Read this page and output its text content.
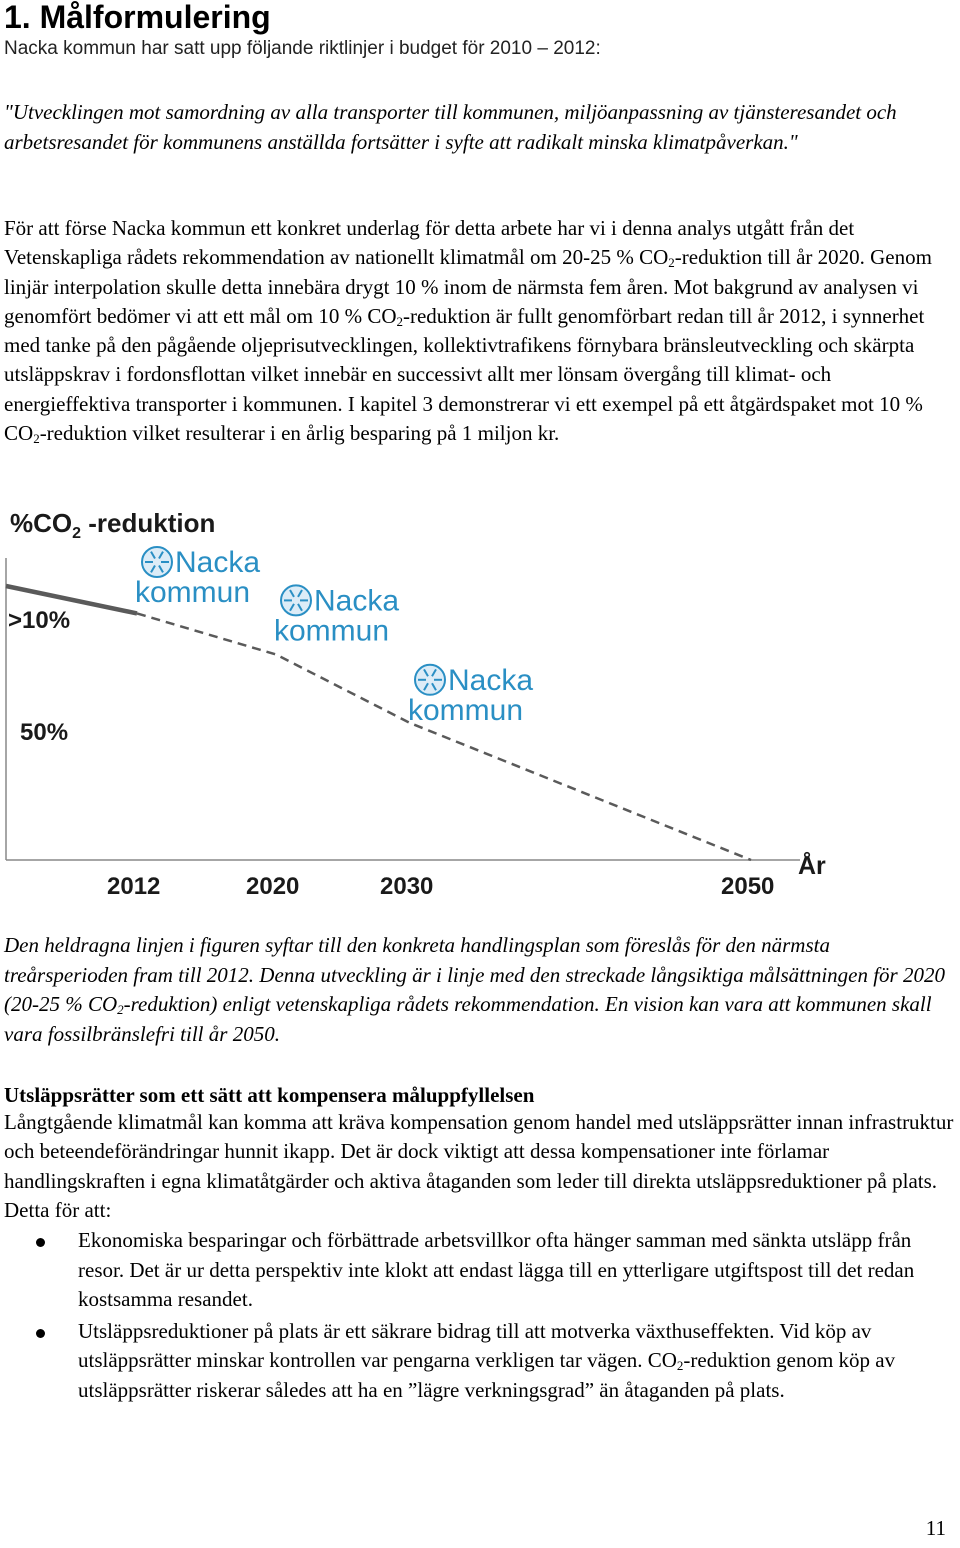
1. Målformulering
Nacka kommun har satt upp följande riktlinjer i budget för 2010 – 2012:
"Utvecklingen mot samordning av alla transporter till kommunen, miljöanpassning av tjänsteresandet och arbetsresandet för kommunens anställda fortsätter i syfte att radikalt minska klimatpåverkan."
För att förse Nacka kommun ett konkret underlag för detta arbete har vi i denna analys utgått från det Vetenskapliga rådets rekommendation av nationellt klimatmål om 20-25 % $CO_2$-reduktion till år 2020. Genom linjär interpolation skulle detta innebära drygt 10 % inom de närmsta fem åren. Mot bakgrund av analysen vi genomfört bedömer vi att ett mål om 10 % $CO_2$-reduktion är fullt genomförbart redan till år 2012, i synnerhet med tanke på den pågående oljeprisutvecklingen, kollektivtrafikens förnybara bränsleutveckling och skärpta utsläppskrav i fordonsflottan vilket innebär en successivt allt mer lönsam övergång till klimat- och energieffektiva transporter i kommunen. I kapitel 3 demonstrerar vi ett exempel på ett åtgärdspaket mot 10 % $CO_2$-reduktion vilket resulterar i en årlig besparing på 1 miljon kr.
$\%CO_2$ -reduktion
>10%
50%
Nacka
kommun Nacka
kommun
Nacka
kommun
2012	2020	2030	2050
År
Den heldragna linjen i figuren syftar till den konkreta handlingsplan som föreslås för den närmsta treårsperioden fram till 2012. Denna utveckling är i linje med den streckade långsiktiga målsättningen för 2020 (20-25 % $CO_2-reduktion$) enligt vetenskapliga rådets rekommendation. En vision kan vara att kommunen skall vara fossilbränslefri till år 2050.
Utsläppsrätter som ett sätt att kompensera måluppfyllelsen
Långtgående klimatmål kan komma att kräva kompensation genom handel med utsläppsrätter innan infrastruktur och beteendeförändringar hunnit ikapp. Det är dock viktigt att dessa kompensationer inte förlamar handlingskraften i egna klimatåtgärder och aktiva åtaganden som leder till direkta utsläppsreduktioner på plats. Detta för att:
Ekonomiska besparingar och förbättrade arbetsvillkor ofta hänger samman med sänkta utsläpp från resor. Det är ur detta perspektiv inte klokt att endast lägga till en ytterligare utgiftspost till det redan kostsamma resandet.
Utsläppsreduktioner på plats är ett säkrare bidrag till att motverka växthuseffekten. Vid köp av utsläppsrätter minskar kontrollen var pengarna verkligen tar vägen. $CO_2$-reduktion genom köp av utsläppsrätter riskerar således att ha en ”lägre verkningsgrad” än åtaganden på plats.
11
